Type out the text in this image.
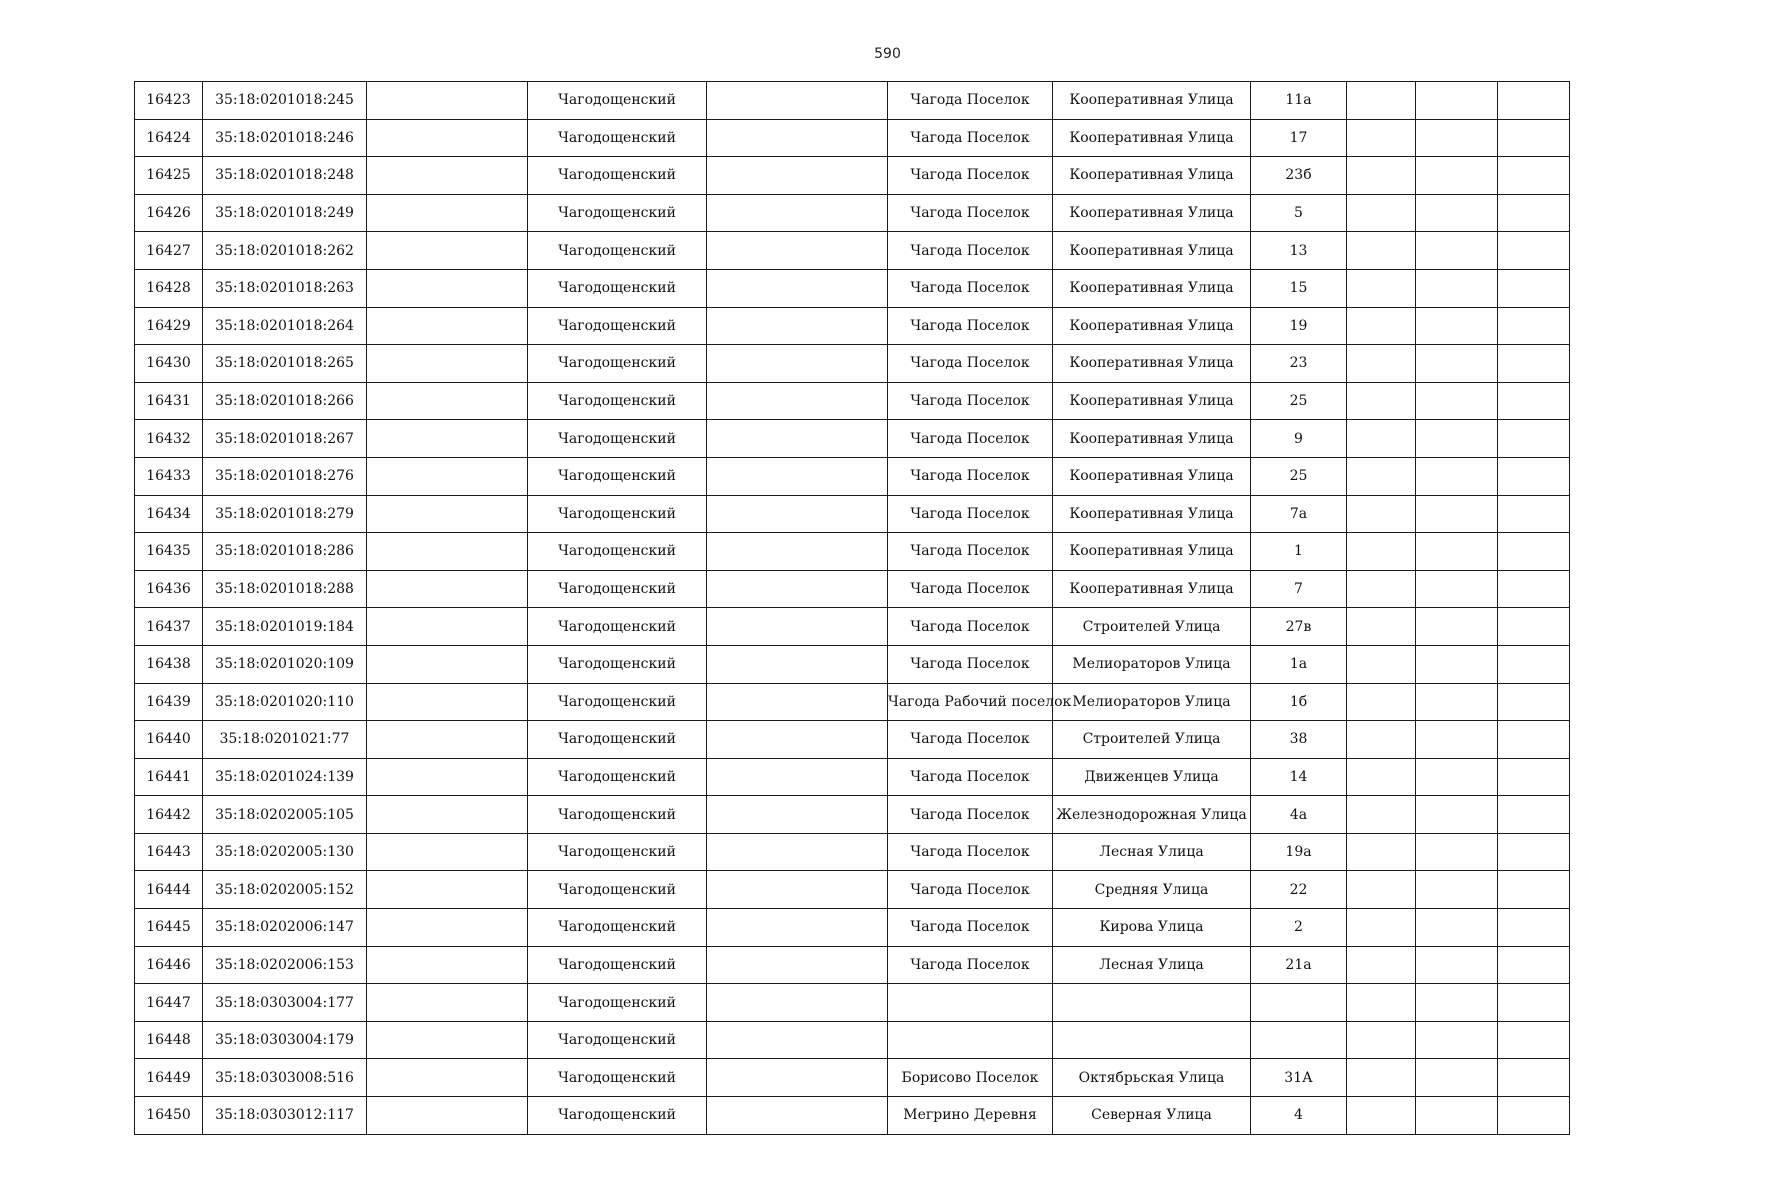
590
16423	35:18:0201018:245		Чагодощенский		Чагода Поселок	Кооперативная Улица	11а			
16424	35:18:0201018:246		Чагодощенский		Чагода Поселок	Кооперативная Улица	17			
16425	35:18:0201018:248		Чагодощенский		Чагода Поселок	Кооперативная Улица	23б			
16426	35:18:0201018:249		Чагодощенский		Чагода Поселок	Кооперативная Улица	5			
16427	35:18:0201018:262		Чагодощенский		Чагода Поселок	Кооперативная Улица	13			
16428	35:18:0201018:263		Чагодощенский		Чагода Поселок	Кооперативная Улица	15			
16429	35:18:0201018:264		Чагодощенский		Чагода Поселок	Кооперативная Улица	19			
16430	35:18:0201018:265		Чагодощенский		Чагода Поселок	Кооперативная Улица	23			
16431	35:18:0201018:266		Чагодощенский		Чагода Поселок	Кооперативная Улица	25			
16432	35:18:0201018:267		Чагодощенский		Чагода Поселок	Кооперативная Улица	9			
16433	35:18:0201018:276		Чагодощенский		Чагода Поселок	Кооперативная Улица	25			
16434	35:18:0201018:279		Чагодощенский		Чагода Поселок	Кооперативная Улица	7а			
16435	35:18:0201018:286		Чагодощенский		Чагода Поселок	Кооперативная Улица	1			
16436	35:18:0201018:288		Чагодощенский		Чагода Поселок	Кооперативная Улица	7			
16437	35:18:0201019:184		Чагодощенский		Чагода Поселок	Строителей Улица	27в			
16438	35:18:0201020:109		Чагодощенский		Чагода Поселок	Мелиораторов Улица	1а			
16439	35:18:0201020:110		Чагодощенский		Чагода Рабочий поселок	Мелиораторов Улица	1б			
16440	35:18:0201021:77		Чагодощенский		Чагода Поселок	Строителей Улица	38			
16441	35:18:0201024:139		Чагодощенский		Чагода Поселок	Движенцев Улица	14			
16442	35:18:0202005:105		Чагодощенский		Чагода Поселок	Железнодорожная Улица	4а			
16443	35:18:0202005:130		Чагодощенский		Чагода Поселок	Лесная Улица	19а			
16444	35:18:0202005:152		Чагодощенский		Чагода Поселок	Средняя Улица	22			
16445	35:18:0202006:147		Чагодощенский		Чагода Поселок	Кирова Улица	2			
16446	35:18:0202006:153		Чагодощенский		Чагода Поселок	Лесная Улица	21а			
16447	35:18:0303004:177		Чагодощенский							
16448	35:18:0303004:179		Чагодощенский							
16449	35:18:0303008:516		Чагодощенский		Борисово Поселок	Октябрьская Улица	31А			
16450	35:18:0303012:117		Чагодощенский		Мегрино Деревня	Северная Улица	4			
